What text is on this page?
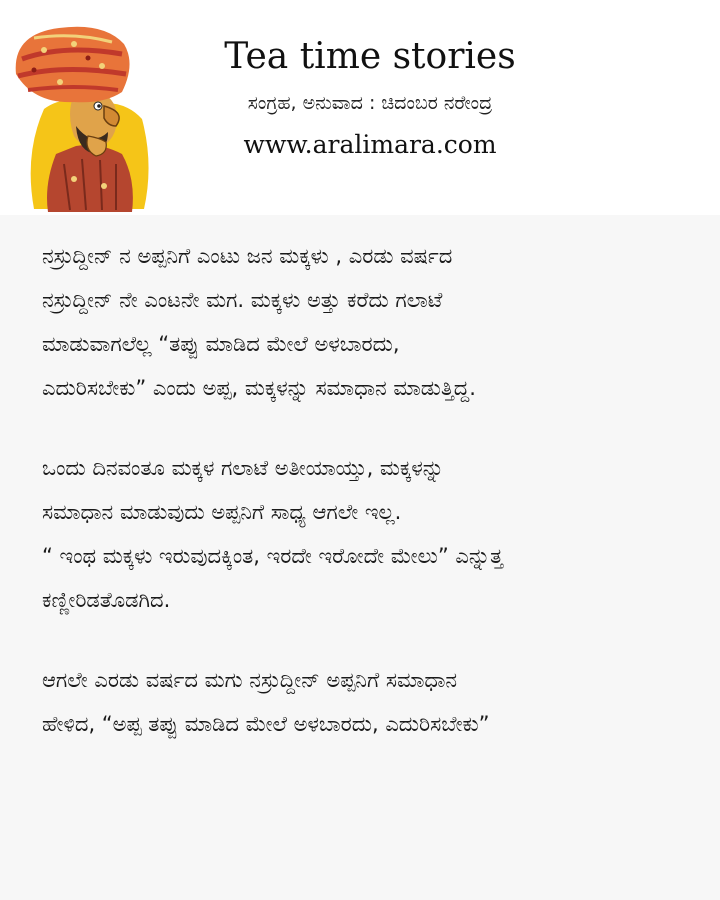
Tea time stories
ಸಂಗ್ರಹ, ಅನುವಾದ : ಚಿದಂಬರ ನರೇಂದ್ರ
www.aralimara.com
ನಸ್ರುದ್ದೀನ್ ನ ಅಪ್ಪನಿಗೆ ಎಂಟು ಜನ ಮಕ್ಕಳು , ಎರಡು ವರ್ಷದ
ನಸ್ರುದ್ದೀನ್ ನೇ ಎಂಟನೇ ಮಗ. ಮಕ್ಕಳು ಅತ್ತು ಕರೆದು ಗಲಾಟೆ
ಮಾಡುವಾಗಲೆಲ್ಲ “ತಪ್ಪು ಮಾಡಿದ ಮೇಲೆ ಅಳಬಾರದು,
ಎದುರಿಸಬೇಕು” ಎಂದು ಅಪ್ಪ, ಮಕ್ಕಳನ್ನು ಸಮಾಧಾನ ಮಾಡುತ್ತಿದ್ದ.
ಒಂದು ದಿನವಂತೂ ಮಕ್ಕಳ ಗಲಾಟೆ ಅತೀಯಾಯ್ತು, ಮಕ್ಕಳನ್ನು
ಸಮಾಧಾನ ಮಾಡುವುದು ಅಪ್ಪನಿಗೆ ಸಾಧ್ಯ ಆಗಲೇ ಇಲ್ಲ.
“ ಇಂಥ ಮಕ್ಕಳು ಇರುವುದಕ್ಕಿಂತ, ಇರದೇ ಇರೋದೇ ಮೇಲು” ಎನ್ನುತ್ತ
ಕಣ್ಣೀರಿಡತೊಡಗಿದ.
ಆಗಲೇ ಎರಡು ವರ್ಷದ ಮಗು ನಸ್ರುದ್ದೀನ್ ಅಪ್ಪನಿಗೆ ಸಮಾಧಾನ
ಹೇಳಿದ, “ಅಪ್ಪ ತಪ್ಪು ಮಾಡಿದ ಮೇಲೆ ಅಳಬಾರದು, ಎದುರಿಸಬೇಕು”
